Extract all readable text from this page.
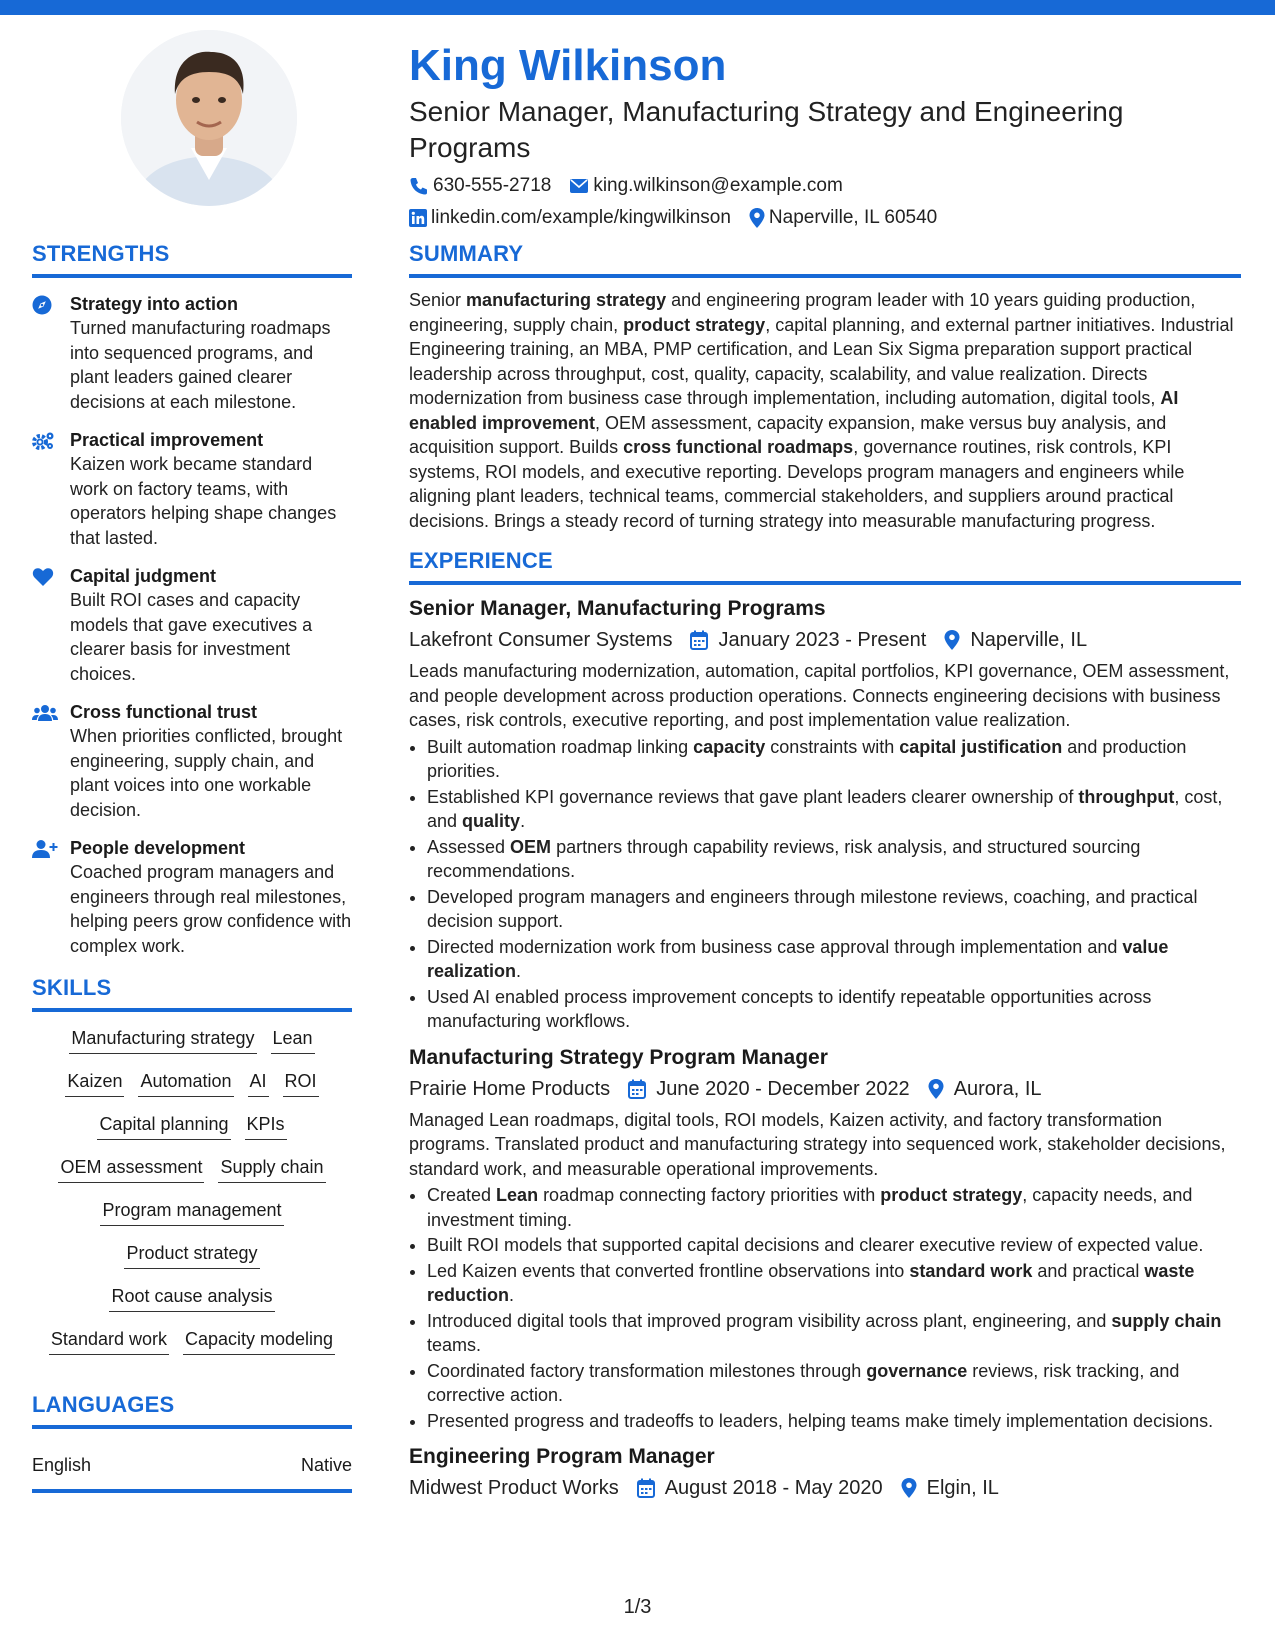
King Wilkinson
Senior Manager, Manufacturing Strategy and Engineering Programs
630-555-2718 king.wilkinson@example.com
linkedin.com/example/kingwilkinson Naperville, IL 60540
STRENGTHS
Strategy into action
Turned manufacturing roadmaps into sequenced programs, and plant leaders gained clearer decisions at each milestone.
Practical improvement
Kaizen work became standard work on factory teams, with operators helping shape changes that lasted.
Capital judgment
Built ROI cases and capacity models that gave executives a clearer basis for investment choices.
Cross functional trust
When priorities conflicted, brought engineering, supply chain, and plant voices into one workable decision.
People development
Coached program managers and engineers through real milestones, helping peers grow confidence with complex work.
SKILLS
Manufacturing strategy Lean
Kaizen Automation AI ROI
Capital planning KPIs
OEM assessment Supply chain
Program management
Product strategy
Root cause analysis
Standard work Capacity modeling
LANGUAGES
English	Native
SUMMARY
Senior manufacturing strategy and engineering program leader with 10 years guiding production, engineering, supply chain, product strategy, capital planning, and external partner initiatives. Industrial Engineering training, an MBA, PMP certification, and Lean Six Sigma preparation support practical leadership across throughput, cost, quality, capacity, scalability, and value realization. Directs modernization from business case through implementation, including automation, digital tools, AI enabled improvement, OEM assessment, capacity expansion, make versus buy analysis, and acquisition support. Builds cross functional roadmaps, governance routines, risk controls, KPI systems, ROI models, and executive reporting. Develops program managers and engineers while aligning plant leaders, technical teams, commercial stakeholders, and suppliers around practical decisions. Brings a steady record of turning strategy into measurable manufacturing progress.
EXPERIENCE
Senior Manager, Manufacturing Programs
Lakefront Consumer Systems January 2023 - Present Naperville, IL
Leads manufacturing modernization, automation, capital portfolios, KPI governance, OEM assessment, and people development across production operations. Connects engineering decisions with business cases, risk controls, executive reporting, and post implementation value realization.
• Built automation roadmap linking capacity constraints with capital justification and production priorities.
• Established KPI governance reviews that gave plant leaders clearer ownership of throughput, cost, and quality.
• Assessed OEM partners through capability reviews, risk analysis, and structured sourcing recommendations.
• Developed program managers and engineers through milestone reviews, coaching, and practical decision support.
• Directed modernization work from business case approval through implementation and value realization.
• Used AI enabled process improvement concepts to identify repeatable opportunities across manufacturing workflows.
Manufacturing Strategy Program Manager
Prairie Home Products June 2020 - December 2022 Aurora, IL
Managed Lean roadmaps, digital tools, ROI models, Kaizen activity, and factory transformation programs. Translated product and manufacturing strategy into sequenced work, stakeholder decisions, standard work, and measurable operational improvements.
• Created Lean roadmap connecting factory priorities with product strategy, capacity needs, and investment timing.
• Built ROI models that supported capital decisions and clearer executive review of expected value.
• Led Kaizen events that converted frontline observations into standard work and practical waste reduction.
• Introduced digital tools that improved program visibility across plant, engineering, and supply chain teams.
• Coordinated factory transformation milestones through governance reviews, risk tracking, and corrective action.
• Presented progress and tradeoffs to leaders, helping teams make timely implementation decisions.
Engineering Program Manager
Midwest Product Works August 2018 - May 2020 Elgin, IL
1/3
